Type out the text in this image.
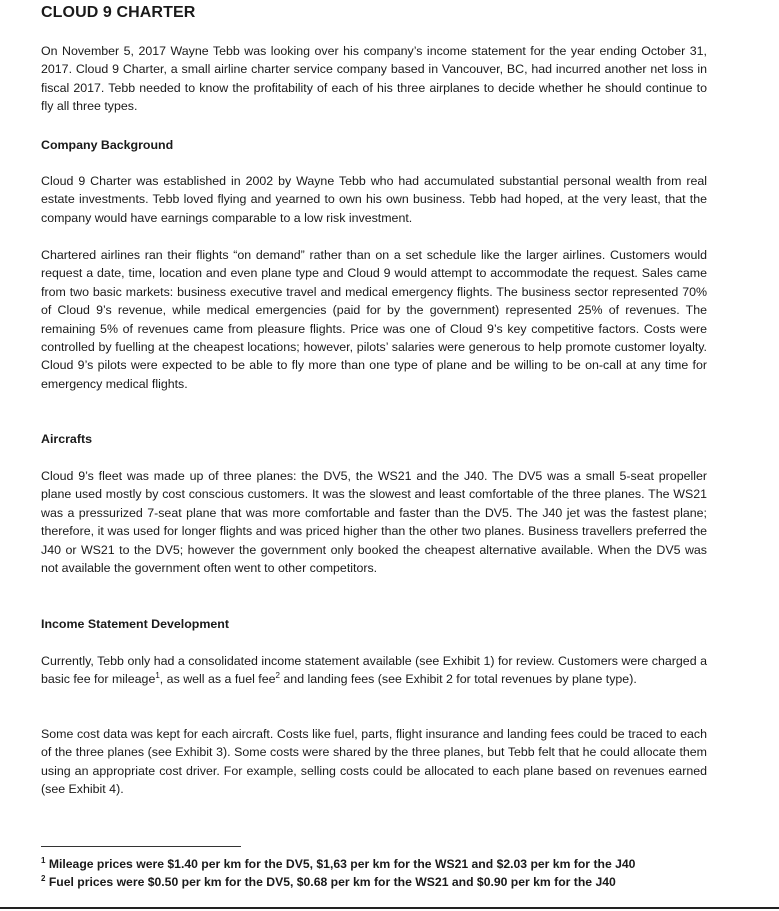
CLOUD 9 CHARTER

On November 5, 2017 Wayne Tebb was looking over his company’s income statement for the year ending October 31, 2017. Cloud 9 Charter, a small airline charter service company based in Vancouver, BC, had incurred another net loss in fiscal 2017. Tebb needed to know the profitability of each of his three airplanes to decide whether he should continue to fly all three types.

Company Background

Cloud 9 Charter was established in 2002 by Wayne Tebb who had accumulated substantial personal wealth from real estate investments. Tebb loved flying and yearned to own his own business. Tebb had hoped, at the very least, that the company would have earnings comparable to a low risk investment.

Chartered airlines ran their flights “on demand” rather than on a set schedule like the larger airlines. Customers would request a date, time, location and even plane type and Cloud 9 would attempt to accommodate the request. Sales came from two basic markets: business executive travel and medical emergency flights. The business sector represented 70% of Cloud 9’s revenue, while medical emergencies (paid for by the government) represented 25% of revenues. The remaining 5% of revenues came from pleasure flights. Price was one of Cloud 9’s key competitive factors. Costs were controlled by fuelling at the cheapest locations; however, pilots’ salaries were generous to help promote customer loyalty. Cloud 9’s pilots were expected to be able to fly more than one type of plane and be willing to be on-call at any time for emergency medical flights.

Aircrafts

Cloud 9’s fleet was made up of three planes: the DV5, the WS21 and the J40. The DV5 was a small 5-seat propeller plane used mostly by cost conscious customers. It was the slowest and least comfortable of the three planes. The WS21 was a pressurized 7-seat plane that was more comfortable and faster than the DV5. The J40 jet was the fastest plane; therefore, it was used for longer flights and was priced higher than the other two planes. Business travellers preferred the J40 or WS21 to the DV5; however the government only booked the cheapest alternative available. When the DV5 was not available the government often went to other competitors.

Income Statement Development

Currently, Tebb only had a consolidated income statement available (see Exhibit 1) for review. Customers were charged a basic fee for mileage$^1$, as well as a fuel fee$^2$ and landing fees (see Exhibit 2 for total revenues by plane type).

Some cost data was kept for each aircraft. Costs like fuel, parts, flight insurance and landing fees could be traced to each of the three planes (see Exhibit 3). Some costs were shared by the three planes, but Tebb felt that he could allocate them using an appropriate cost driver. For example, selling costs could be allocated to each plane based on revenues earned (see Exhibit 4).

$^1$ Mileage prices were $1.40 per km for the DV5, $1,63 per km for the WS21 and $2.03 per km for the J40

$^2$ Fuel prices were $0.50 per km for the DV5, $0.68 per km for the WS21 and $0.90 per km for the J40
